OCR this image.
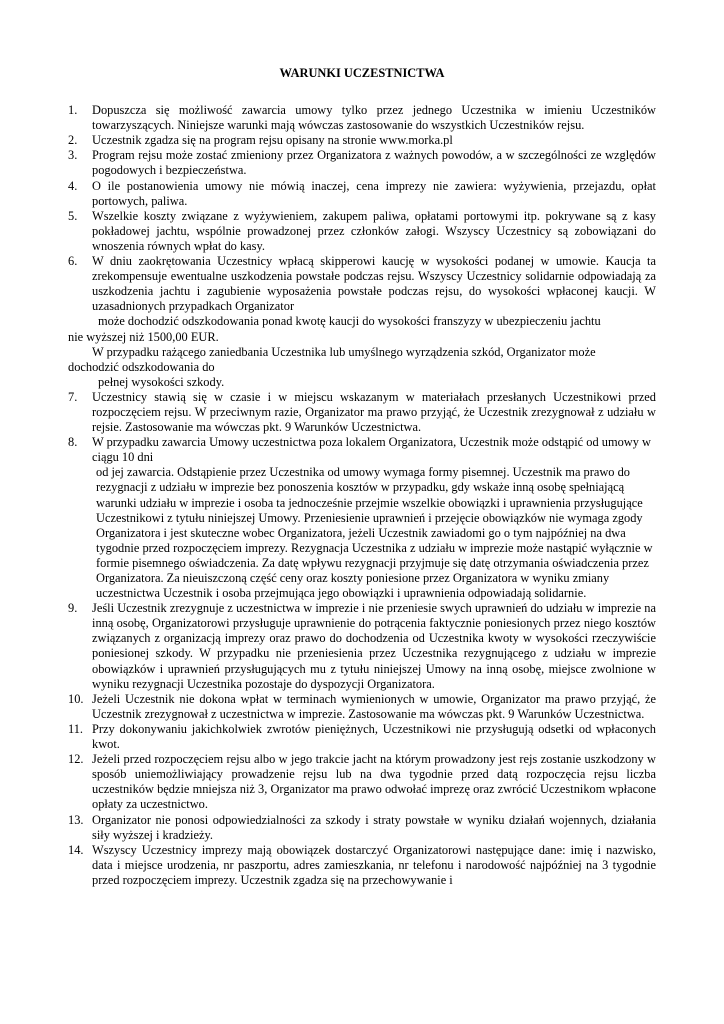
WARUNKI UCZESTNICTWA
1.	Dopuszcza się możliwość zawarcia umowy tylko przez jednego Uczestnika w imieniu Uczestników towarzyszących. Niniejsze warunki mają wówczas zastosowanie do wszystkich Uczestników rejsu.
2.	Uczestnik zgadza się na program rejsu opisany na stronie www.morka.pl
3.	Program rejsu może zostać zmieniony przez Organizatora z ważnych powodów, a w szczególności ze względów pogodowych i bezpieczeństwa.
4.	O ile postanowienia umowy nie mówią inaczej, cena imprezy nie zawiera: wyżywienia, przejazdu, opłat portowych, paliwa.
5.	Wszelkie koszty związane z wyżywieniem, zakupem paliwa, opłatami portowymi itp. pokrywane są z kasy pokładowej jachtu, wspólnie prowadzonej przez członków załogi. Wszyscy Uczestnicy są zobowiązani do wnoszenia równych wpłat do kasy.
6.	W dniu zaokrętowania Uczestnicy wpłacą skipperowi kaucję w wysokości podanej w umowie. Kaucja ta zrekompensuje ewentualne uszkodzenia powstałe podczas rejsu. Wszyscy Uczestnicy solidarnie odpowiadają za uszkodzenia jachtu i zagubienie wyposażenia powstałe podczas rejsu, do wysokości wpłaconej kaucji. W uzasadnionych przypadkach Organizator
może dochodzić odszkodowania ponad kwotę kaucji do wysokości franszyzy w ubezpieczeniu jachtu
nie wyższej niż 1500,00 EUR.
W przypadku rażącego zaniedbania Uczestnika lub umyślnego wyrządzenia szkód, Organizator może
dochodzić odszkodowania do
pełnej wysokości szkody.
7.	Uczestnicy stawią się w czasie i w miejscu wskazanym w materiałach przesłanych Uczestnikowi przed rozpoczęciem rejsu. W przeciwnym razie, Organizator ma prawo przyjąć, że Uczestnik zrezygnował z udziału w rejsie. Zastosowanie ma wówczas pkt. 9 Warunków Uczestnictwa.
8.	W przypadku zawarcia Umowy uczestnictwa poza lokalem Organizatora, Uczestnik może odstąpić od umowy w ciągu 10 dni
od jej zawarcia. Odstąpienie przez Uczestnika od umowy wymaga formy pisemnej. Uczestnik ma prawo do rezygnacji z udziału w imprezie bez ponoszenia kosztów w przypadku, gdy wskaże inną osobę spełniającą warunki udziału w imprezie i osoba ta jednocześnie przejmie wszelkie obowiązki i uprawnienia przysługujące Uczestnikowi z tytułu niniejszej Umowy. Przeniesienie uprawnień i przejęcie obowiązków nie wymaga zgody Organizatora i jest skuteczne wobec Organizatora, jeżeli Uczestnik zawiadomi go o tym najpóźniej na dwa tygodnie przed rozpoczęciem imprezy. Rezygnacja Uczestnika z udziału w imprezie może nastąpić wyłącznie w formie pisemnego oświadczenia. Za datę wpływu rezygnacji przyjmuje się datę otrzymania oświadczenia przez Organizatora. Za nieuiszczoną część ceny oraz koszty poniesione przez Organizatora w wyniku zmiany uczestnictwa Uczestnik i osoba przejmująca jego obowiązki i uprawnienia odpowiadają solidarnie.
9.	Jeśli Uczestnik zrezygnuje z uczestnictwa w imprezie i nie przeniesie swych uprawnień do udziału w imprezie na inną osobę, Organizatorowi przysługuje uprawnienie do potrącenia faktycznie poniesionych przez niego kosztów związanych z organizacją imprezy oraz prawo do dochodzenia od Uczestnika kwoty w wysokości rzeczywiście poniesionej szkody. W przypadku nie przeniesienia przez Uczestnika rezygnującego z udziału w imprezie obowiązków i uprawnień przysługujących mu z tytułu niniejszej Umowy na inną osobę, miejsce zwolnione w wyniku rezygnacji Uczestnika pozostaje do dyspozycji Organizatora.
10. Jeżeli Uczestnik nie dokona wpłat w terminach wymienionych w umowie, Organizator ma prawo przyjąć, że Uczestnik zrezygnował z uczestnictwa w imprezie. Zastosowanie ma wówczas pkt. 9 Warunków Uczestnictwa.
11. Przy dokonywaniu jakichkolwiek zwrotów pieniężnych, Uczestnikowi nie przysługują odsetki od wpłaconych kwot.
12. Jeżeli przed rozpoczęciem rejsu albo w jego trakcie jacht na którym prowadzony jest rejs zostanie uszkodzony w sposób uniemożliwiający prowadzenie rejsu lub na dwa tygodnie przed datą rozpoczęcia rejsu liczba uczestników będzie mniejsza niż 3, Organizator ma prawo odwołać imprezę oraz zwrócić Uczestnikom wpłacone opłaty za uczestnictwo.
13. Organizator nie ponosi odpowiedzialności za szkody i straty powstałe w wyniku działań wojennych, działania siły wyższej i kradzieży.
14. Wszyscy Uczestnicy imprezy mają obowiązek dostarczyć Organizatorowi następujące dane: imię i nazwisko, data i miejsce urodzenia, nr paszportu, adres zamieszkania, nr telefonu i narodowość najpóźniej na 3 tygodnie przed rozpoczęciem imprezy. Uczestnik zgadza się na przechowywanie i
